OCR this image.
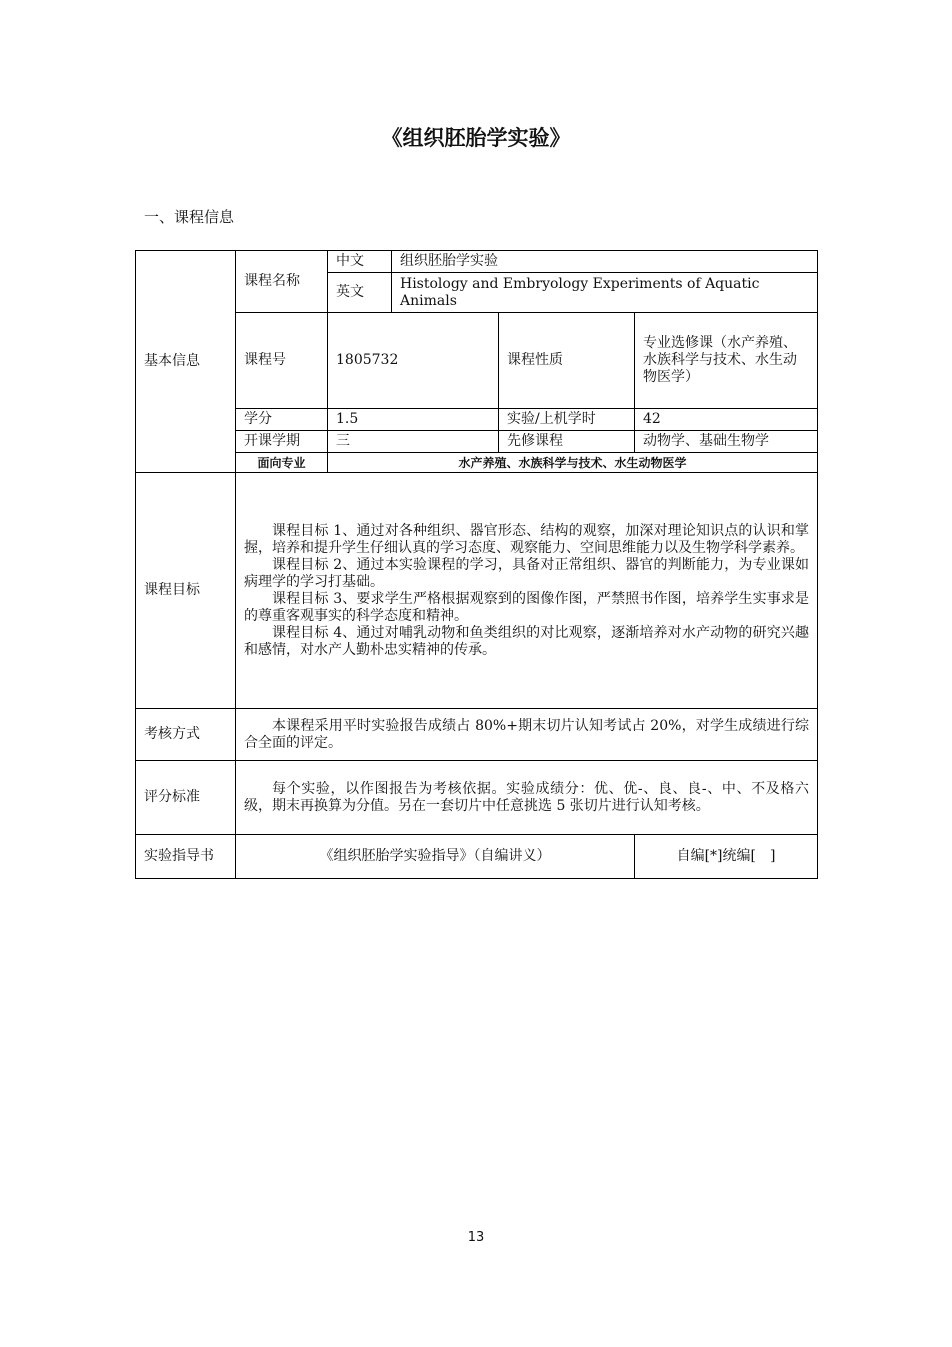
《组织胚胎学实验》
一、课程信息
基本信息	课程名称	中文	组织胚胎学实验		
		英文	Histology and Embryology Experiments of Aquatic Animals		
	课程号	1805732		课程性质	专业选修课（水产养殖、水族科学与技术、水生动物医学）
	学分	1.5		实验/上机学时	42
	开课学期	三		先修课程	动物学、基础生物学
	面向专业	水产养殖、水族科学与技术、水生动物医学			
课程目标	课程目标 1、通过对各种组织、器官形态、结构的观察，加深对理论知识点的认识和掌握，培养和提升学生仔细认真的学习态度、观察能力、空间思维能力以及生物学科学素养。

课程目标 2、通过本实验课程的学习，具备对正常组织、器官的判断能力，为专业课如病理学的学习打基础。

课程目标 3、要求学生严格根据观察到的图像作图，严禁照书作图，培养学生实事求是的尊重客观事实的科学态度和精神。

课程目标 4、通过对哺乳动物和鱼类组织的对比观察，逐渐培养对水产动物的研究兴趣和感情，对水产人勤朴忠实精神的传承。				

考核方式	本课程采用平时实验报告成绩占 80%+期末切片认知考试占 20%，对学生成绩进行综合全面的评定。				

评分标准	每个实验，以作图报告为考核依据。实验成绩分：优、优-、良、良-、中、不及格六级，期末再换算为分值。另在一套切片中任意挑选 5 张切片进行认知考核。				

实验指导书	《组织胚胎学实验指导》（自编讲义）				自编[*]统编[　]
13
